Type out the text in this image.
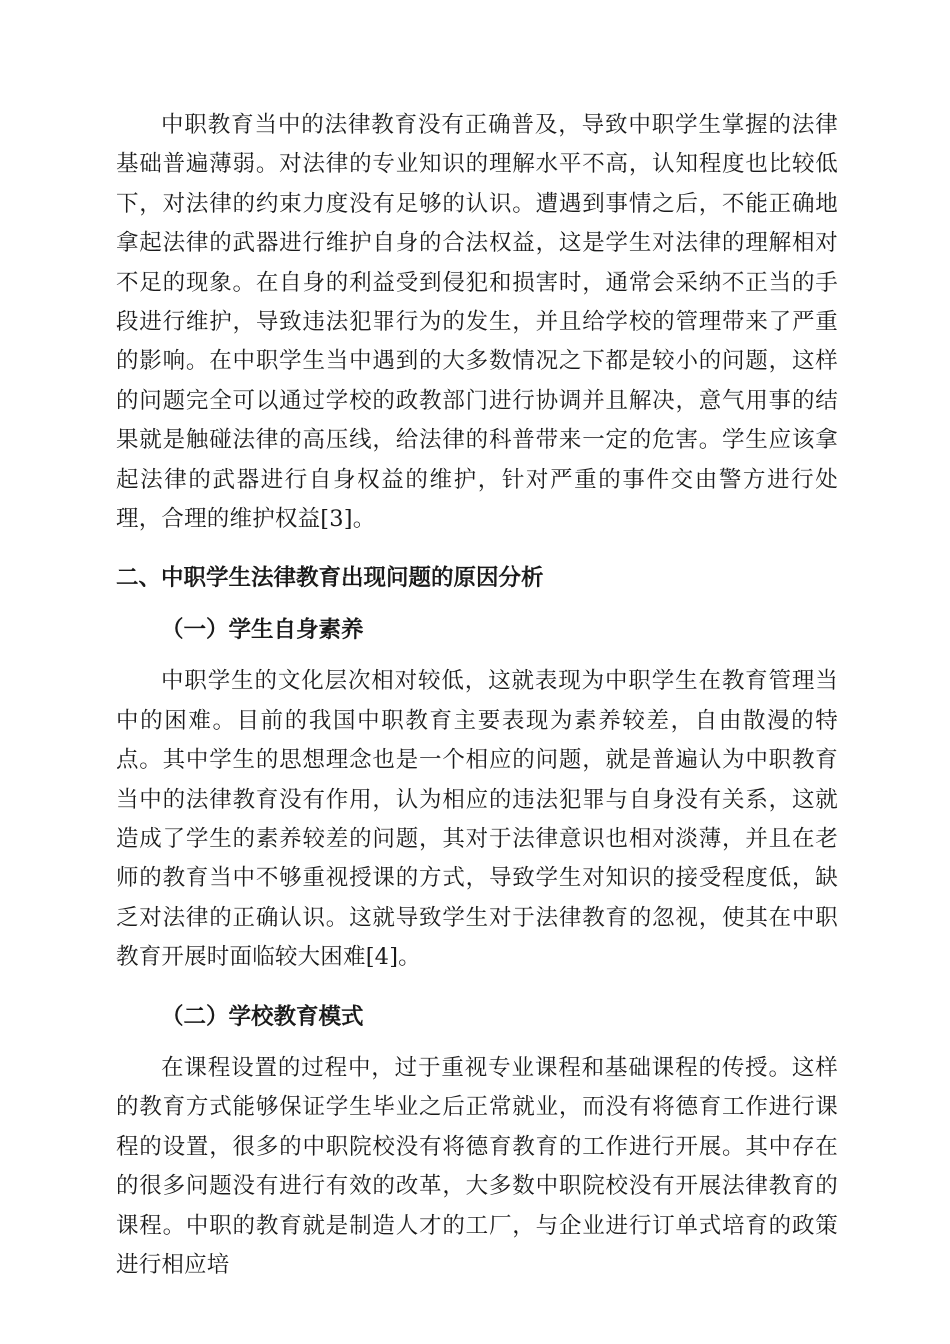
中职教育当中的法律教育没有正确普及，导致中职学生掌握的法律基础普遍薄弱。对法律的专业知识的理解水平不高，认知程度也比较低下，对法律的约束力度没有足够的认识。遭遇到事情之后，不能正确地拿起法律的武器进行维护自身的合法权益，这是学生对法律的理解相对不足的现象。在自身的利益受到侵犯和损害时，通常会采纳不正当的手段进行维护，导致违法犯罪行为的发生，并且给学校的管理带来了严重的影响。在中职学生当中遇到的大多数情况之下都是较小的问题，这样的问题完全可以通过学校的政教部门进行协调并且解决，意气用事的结果就是触碰法律的高压线，给法律的科普带来一定的危害。学生应该拿起法律的武器进行自身权益的维护，针对严重的事件交由警方进行处理，合理的维护权益[3]。

二、中职学生法律教育出现问题的原因分析
（一）学生自身素养

中职学生的文化层次相对较低，这就表现为中职学生在教育管理当中的困难。目前的我国中职教育主要表现为素养较差，自由散漫的特点。其中学生的思想理念也是一个相应的问题，就是普遍认为中职教育当中的法律教育没有作用，认为相应的违法犯罪与自身没有关系，这就造成了学生的素养较差的问题，其对于法律意识也相对淡薄，并且在老师的教育当中不够重视授课的方式，导致学生对知识的接受程度低，缺乏对法律的正确认识。这就导致学生对于法律教育的忽视，使其在中职教育开展时面临较大困难[4]。

（二）学校教育模式

在课程设置的过程中，过于重视专业课程和基础课程的传授。这样的教育方式能够保证学生毕业之后正常就业，而没有将德育工作进行课程的设置，很多的中职院校没有将德育教育的工作进行开展。其中存在的很多问题没有进行有效的改革，大多数中职院校没有开展法律教育的课程。中职的教育就是制造人才的工厂，与企业进行订单式培育的政策进行相应培
